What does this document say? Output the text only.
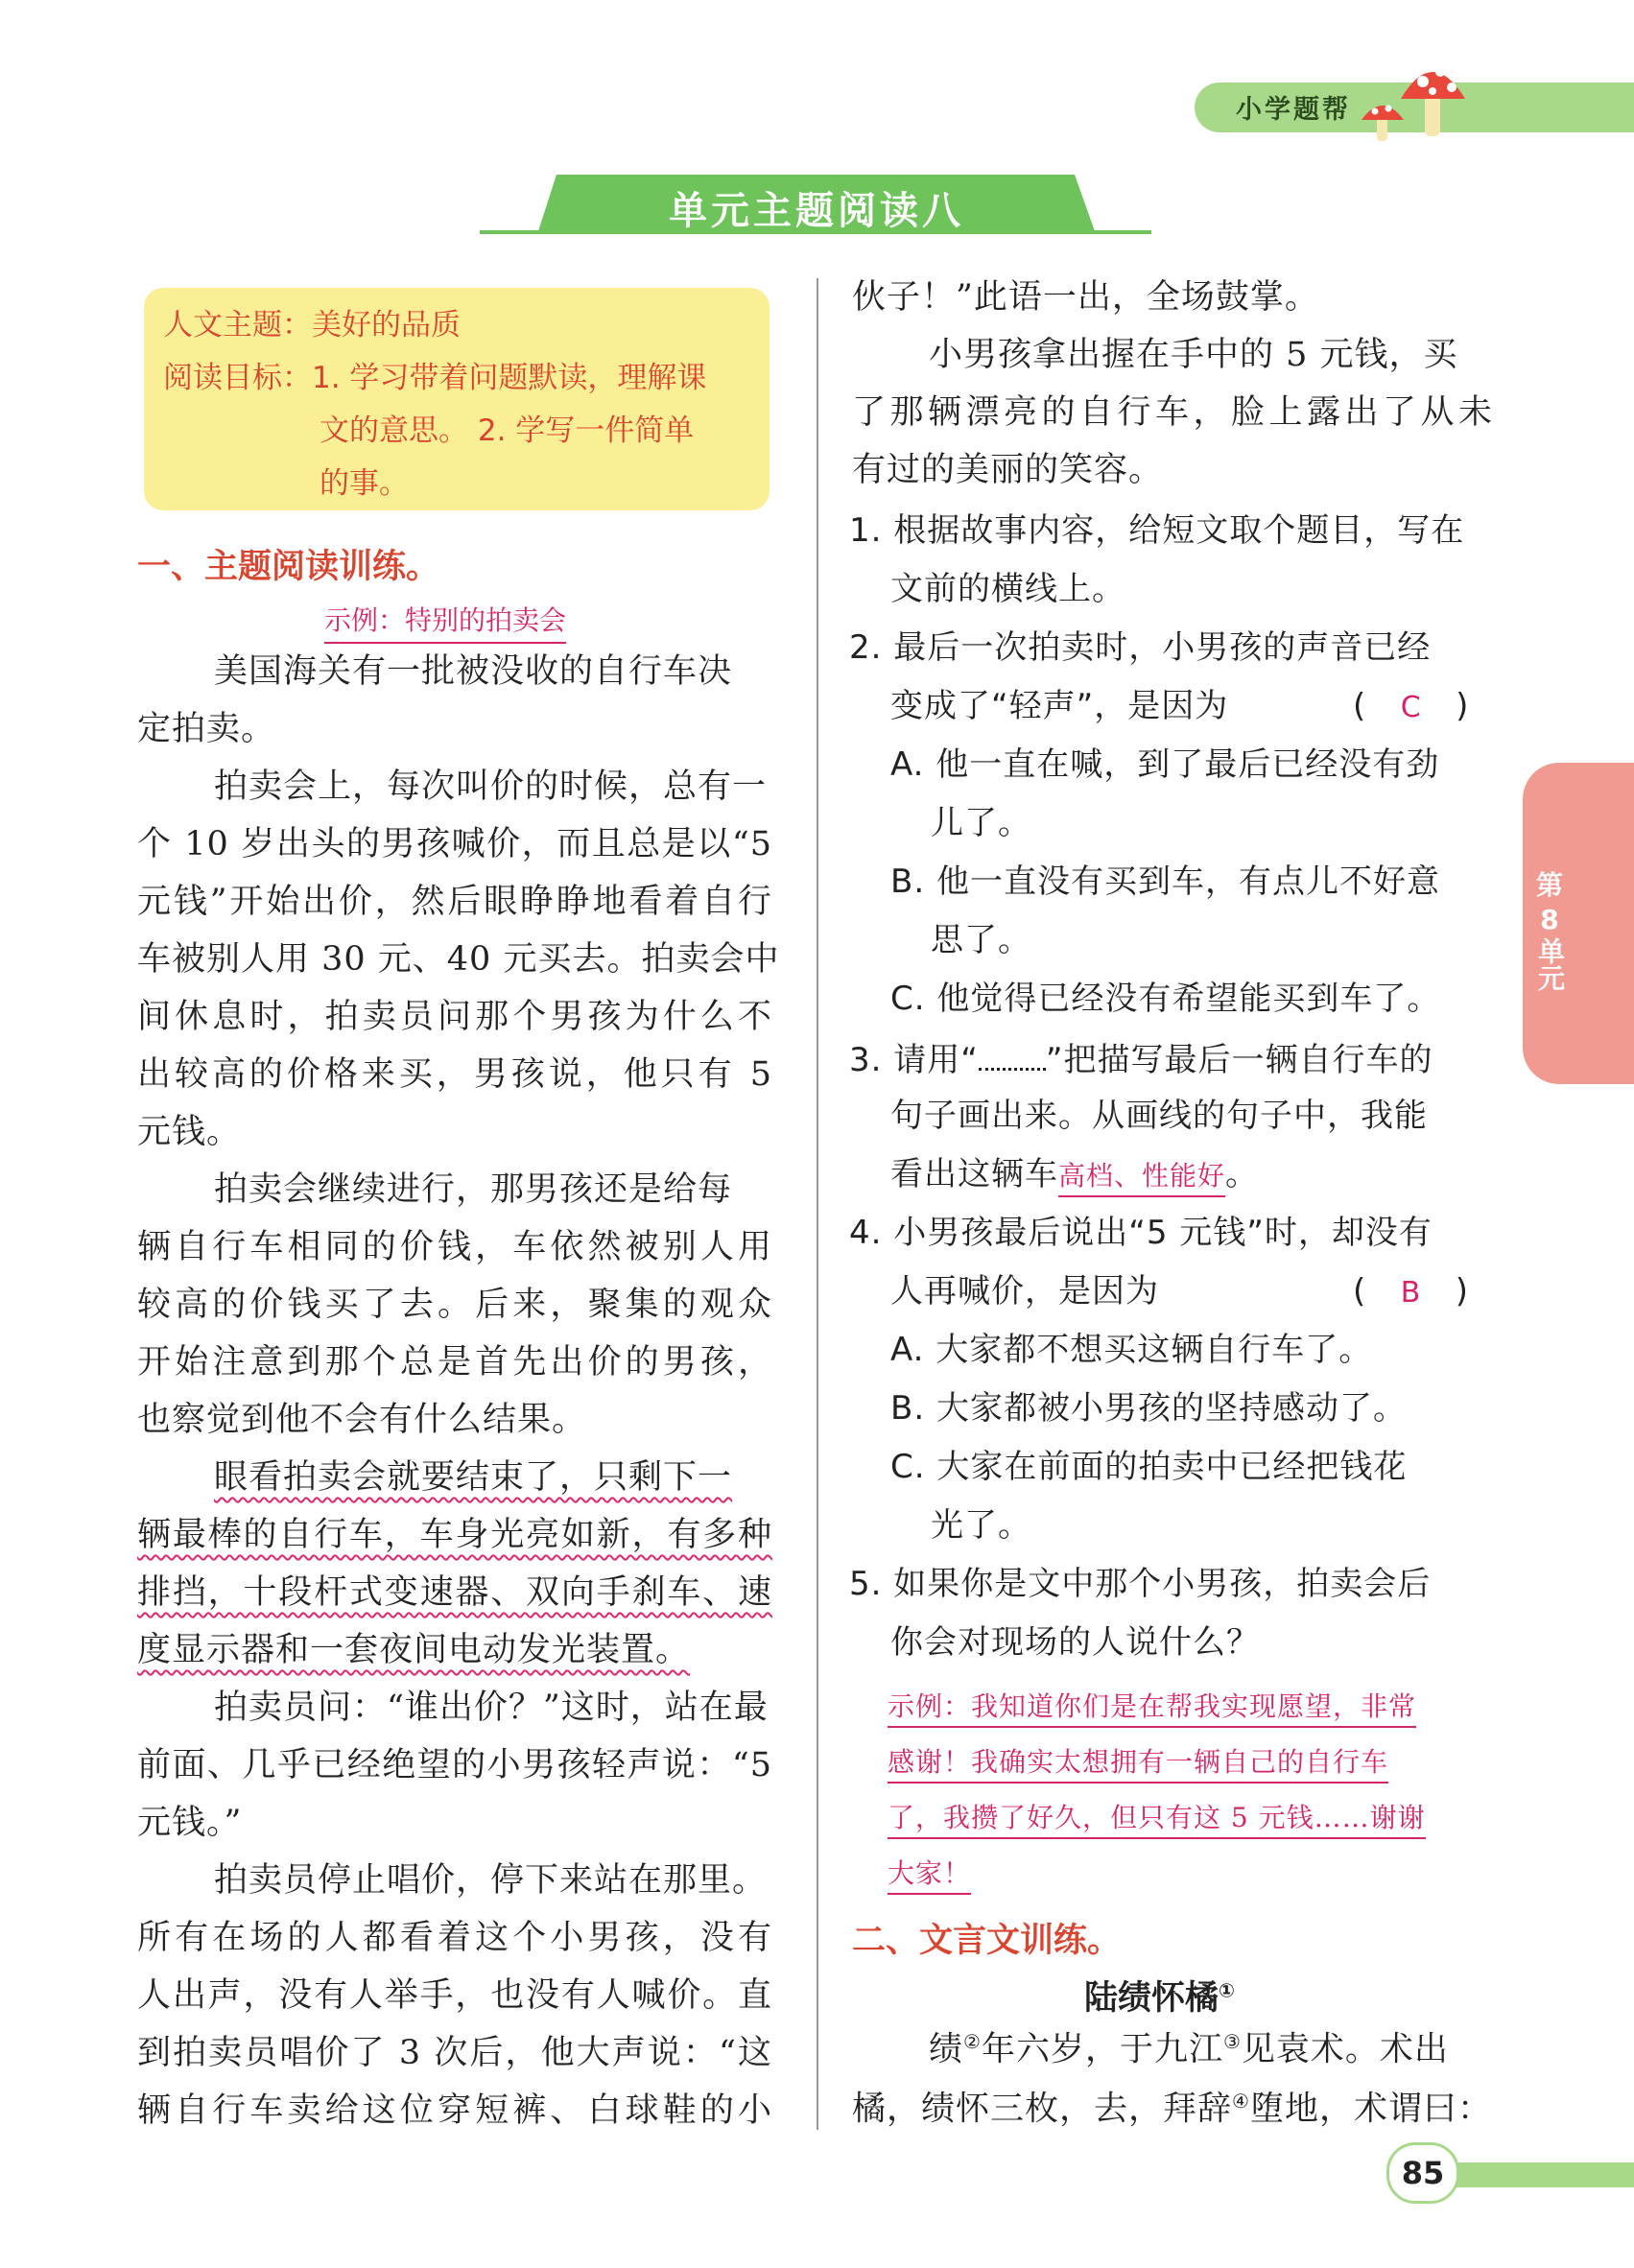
小学题帮
单元主题阅读八
人文主题：美好的品质
阅读目标：1. 学习带着问题默读，理解课
文的意思。 2. 学写一件简单
的事。
一、主题阅读训练。
示例：特别的拍卖会
美国海关有一批被没收的自行车决
定拍卖。
拍卖会上，每次叫价的时候，总有一
个 10 岁出头的男孩喊价，而且总是以“5
元钱”开始出价，然后眼睁睁地看着自行
车被别人用 30 元、40 元买去。拍卖会中
间休息时，拍卖员问那个男孩为什么不
出较高的价格来买，男孩说，他只有 5
元钱。
拍卖会继续进行，那男孩还是给每
辆自行车相同的价钱，车依然被别人用
较高的价钱买了去。后来，聚集的观众
开始注意到那个总是首先出价的男孩，
也察觉到他不会有什么结果。
眼看拍卖会就要结束了，只剩下一
辆最棒的自行车，车身光亮如新，有多种
排挡，十段杆式变速器、双向手刹车、速
度显示器和一套夜间电动发光装置。
拍卖员问：“谁出价？”这时，站在最
前面、几乎已经绝望的小男孩轻声说：“5
元钱。”
拍卖员停止唱价，停下来站在那里。
所有在场的人都看着这个小男孩，没有
人出声，没有人举手，也没有人喊价。直
到拍卖员唱价了 3 次后，他大声说：“这
辆自行车卖给这位穿短裤、白球鞋的小
伙子！”此语一出，全场鼓掌。
小男孩拿出握在手中的 5 元钱，买
了那辆漂亮的自行车，脸上露出了从未
有过的美丽的笑容。
1. 根据故事内容，给短文取个题目，写在
文前的横线上。
2. 最后一次拍卖时，小男孩的声音已经
变成了“轻声”，是因为	(   C   )
A. 他一直在喊，到了最后已经没有劲
儿了。
B. 他一直没有买到车，有点儿不好意
思了。
C. 他觉得已经没有希望能买到车了。
3. 请用“ ”把描写最后一辆自行车的
句子画出来。从画线的句子中，我能
看出这辆车高档、性能好。
4. 小男孩最后说出“5 元钱”时，却没有
人再喊价，是因为	(   B   )
A. 大家都不想买这辆自行车了。
B. 大家都被小男孩的坚持感动了。
C. 大家在前面的拍卖中已经把钱花
光了。
5. 如果你是文中那个小男孩，拍卖会后
你会对现场的人说什么？
示例：我知道你们是在帮我实现愿望，非常
感谢！我确实太想拥有一辆自己的自行车
了，我攒了好久，但只有这 5 元钱……谢谢
大家！
二、文言文训练。
陆绩怀橘①
绩②年六岁，于九江③见袁术。术出
橘，绩怀三枚，去，拜辞④堕地，术谓曰：
第
8
单元
85
